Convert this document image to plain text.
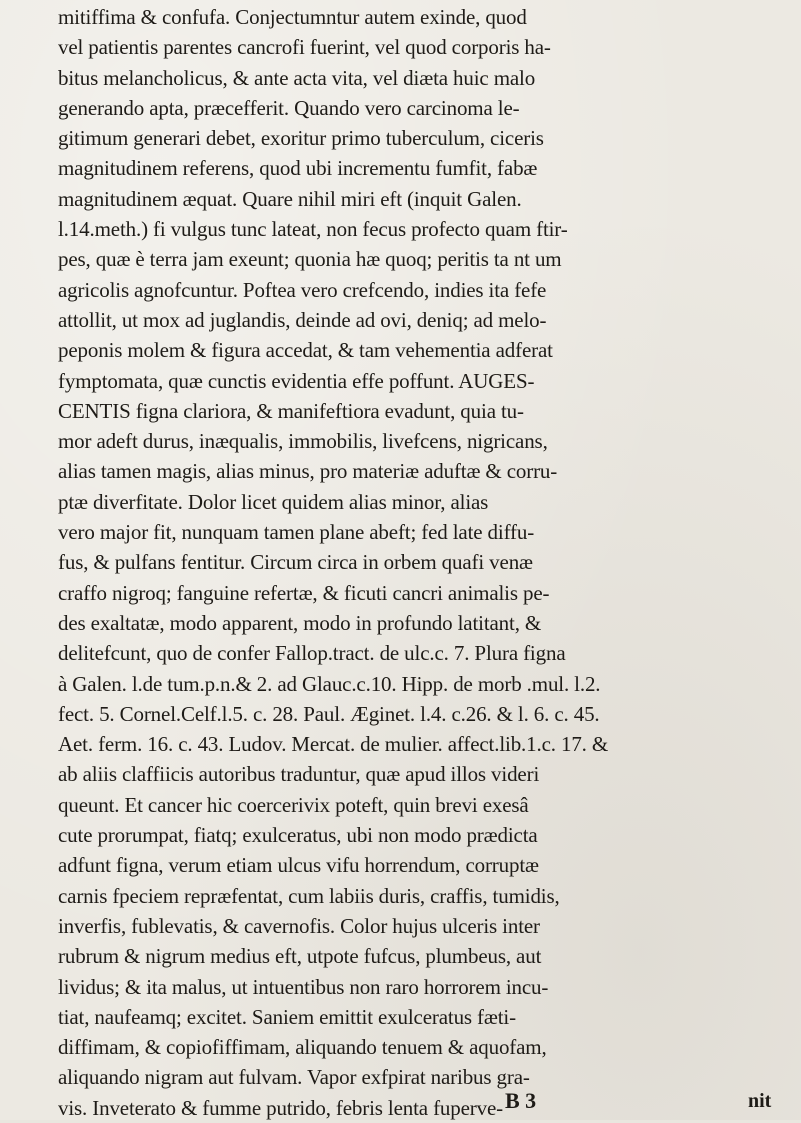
mitiffima & confufa. Conjectumntur autem exinde, quod
vel patientis parentes cancrofi fuerint, vel quod corporis ha-
bitus melancholicus, & ante acta vita, vel diæta huic malo
generando apta, præcefferit. Quando vero carcinoma le-
gitimum generari debet, exoritur primo tuberculum, ciceris
magnitudinem referens, quod ubi incrementu fumfit, fabæ
magnitudinem æquat. Quare nihil miri eft (inquit Galen.
l.14.meth.) fi vulgus tunc lateat, non fecus profecto quam ftir-
pes, quæ è terra jam exeunt; quonia hæ quoq; peritis ta nt um
agricolis agnofcuntur. Poftea vero crefcendo, indies ita fefe
attollit, ut mox ad juglandis, deinde ad ovi, deniq; ad melo-
peponis molem & figura accedat, & tam vehementia adferat
fymptomata, quæ cunctis evidentia effe poffunt. AUGES-
CENTIS figna clariora, & manifeftiora evadunt, quia tu-
mor adeft durus, inæqualis, immobilis, livefcens, nigricans,
alias tamen magis, alias minus, pro materiæ aduftæ & corru-
ptæ diverfitate. Dolor licet quidem alias minor, alias
vero major fit, nunquam tamen plane abeft; fed late diffu-
fus, & pulfans fentitur. Circum circa in orbem quafi venæ
craffo nigroq; fanguine refertæ, & ficuti cancri animalis pe-
des exaltatæ, modo apparent, modo in profundo latitant, &
delitefcunt, quo de confer Fallop.tract. de ulc.c. 7. Plura figna
à Galen. l.de tum.p.n.& 2. ad Glauc.c.10. Hipp. de morb .mul. l.2.
fect. 5. Cornel.Celf.l.5. c. 28. Paul. Æginet. l.4. c.26. & l. 6. c. 45.
Aet. ferm. 16. c. 43. Ludov. Mercat. de mulier. affect.lib.1.c. 17. &
ab aliis claffiicis autoribus traduntur, quæ apud illos videri
queunt. Et cancer hic coercerivix poteft, quin brevi exesâ
cute prorumpat, fiatq; exulceratus, ubi non modo prædicta
adfunt figna, verum etiam ulcus vifu horrendum, corruptæ
carnis fpeciem repræfentat, cum labiis duris, craffis, tumidis,
inverfis, fublevatis, & cavernofis. Color hujus ulceris inter
rubrum & nigrum medius eft, utpote fufcus, plumbeus, aut
lividus; & ita malus, ut intuentibus non raro horrorem incu-
tiat, naufeamq; excitet. Saniem emittit exulceratus fæti-
diffimam, & copiofiffimam, aliquando tenuem & aquofam,
aliquando nigram aut fulvam. Vapor exfpirat naribus gra-
vis. Inveterato & fumme putrido, febris lenta fuperve- B 3	nit
